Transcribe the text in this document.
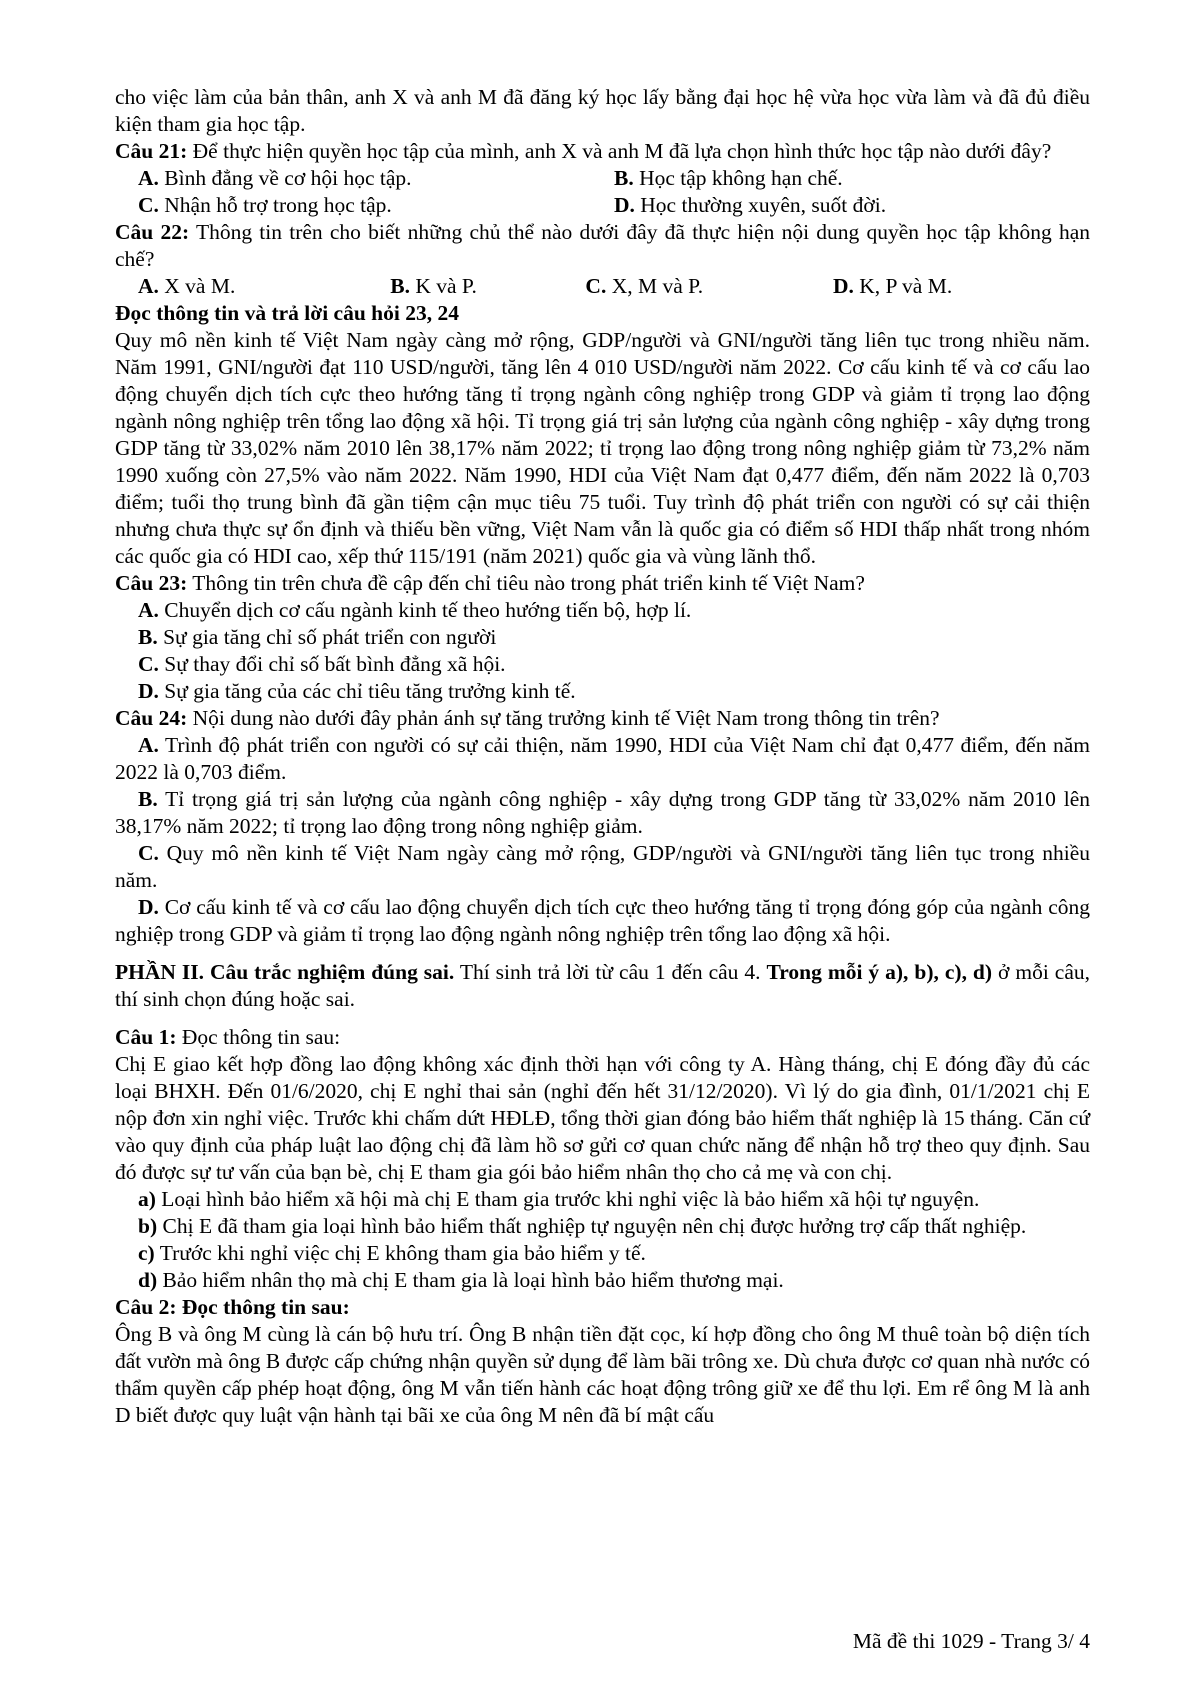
cho việc làm của bản thân, anh X và anh M đã đăng ký học lấy bằng đại học hệ vừa học vừa làm và đã đủ điều kiện tham gia học tập.

Câu 21: Để thực hiện quyền học tập của mình, anh X và anh M đã lựa chọn hình thức học tập nào dưới đây?

A. Bình đẳng về cơ hội học tập.	B. Học tập không hạn chế.
C. Nhận hỗ trợ trong học tập.	D. Học thường xuyên, suốt đời.

Câu 22: Thông tin trên cho biết những chủ thể nào dưới đây đã thực hiện nội dung quyền học tập không hạn chế?

A. X và M.	B. K và P.	C. X, M và P.	D. K, P và M.

Đọc thông tin và trả lời câu hỏi 23, 24

Quy mô nền kinh tế Việt Nam ngày càng mở rộng, GDP/người và GNI/người tăng liên tục trong nhiều năm. Năm 1991, GNI/người đạt 110 USD/người, tăng lên 4 010 USD/người năm 2022. Cơ cấu kinh tế và cơ cấu lao động chuyển dịch tích cực theo hướng tăng tỉ trọng ngành công nghiệp trong GDP và giảm tỉ trọng lao động ngành nông nghiệp trên tổng lao động xã hội. Tỉ trọng giá trị sản lượng của ngành công nghiệp - xây dựng trong GDP tăng từ 33,02% năm 2010 lên 38,17% năm 2022; tỉ trọng lao động trong nông nghiệp giảm từ 73,2% năm 1990 xuống còn 27,5% vào năm 2022. Năm 1990, HDI của Việt Nam đạt 0,477 điểm, đến năm 2022 là 0,703 điểm; tuổi thọ trung bình đã gần tiệm cận mục tiêu 75 tuổi. Tuy trình độ phát triển con người có sự cải thiện nhưng chưa thực sự ổn định và thiếu bền vững, Việt Nam vẫn là quốc gia có điểm số HDI thấp nhất trong nhóm các quốc gia có HDI cao, xếp thứ 115/191 (năm 2021) quốc gia và vùng lãnh thổ.

Câu 23: Thông tin trên chưa đề cập đến chỉ tiêu nào trong phát triển kinh tế Việt Nam?

A. Chuyển dịch cơ cấu ngành kinh tế theo hướng tiến bộ, hợp lí.

B. Sự gia tăng chỉ số phát triển con người

C. Sự thay đổi chỉ số bất bình đẳng xã hội.

D. Sự gia tăng của các chỉ tiêu tăng trưởng kinh tế.

Câu 24: Nội dung nào dưới đây phản ánh sự tăng trưởng kinh tế Việt Nam trong thông tin trên?

A. Trình độ phát triển con người có sự cải thiện, năm 1990, HDI của Việt Nam chỉ đạt 0,477 điểm, đến năm 2022 là 0,703 điểm.

B. Tỉ trọng giá trị sản lượng của ngành công nghiệp - xây dựng trong GDP tăng từ 33,02% năm 2010 lên 38,17% năm 2022; tỉ trọng lao động trong nông nghiệp giảm.

C. Quy mô nền kinh tế Việt Nam ngày càng mở rộng, GDP/người và GNI/người tăng liên tục trong nhiều năm.

D. Cơ cấu kinh tế và cơ cấu lao động chuyển dịch tích cực theo hướng tăng tỉ trọng đóng góp của ngành công nghiệp trong GDP và giảm tỉ trọng lao động ngành nông nghiệp trên tổng lao động xã hội.

PHẦN II. Câu trắc nghiệm đúng sai. Thí sinh trả lời từ câu 1 đến câu 4. Trong mỗi ý a), b), c), d) ở mỗi câu, thí sinh chọn đúng hoặc sai.

Câu 1: Đọc thông tin sau:

Chị E giao kết hợp đồng lao động không xác định thời hạn với công ty A. Hàng tháng, chị E đóng đầy đủ các loại BHXH. Đến 01/6/2020, chị E nghỉ thai sản (nghỉ đến hết 31/12/2020). Vì lý do gia đình, 01/1/2021 chị E nộp đơn xin nghỉ việc. Trước khi chấm dứt HĐLĐ, tổng thời gian đóng bảo hiểm thất nghiệp là 15 tháng. Căn cứ vào quy định của pháp luật lao động chị đã làm hồ sơ gửi cơ quan chức năng để nhận hỗ trợ theo quy định. Sau đó được sự tư vấn của bạn bè, chị E tham gia gói bảo hiểm nhân thọ cho cả mẹ và con chị.

a) Loại hình bảo hiểm xã hội mà chị E tham gia trước khi nghỉ việc là bảo hiểm xã hội tự nguyện.

b) Chị E đã tham gia loại hình bảo hiểm thất nghiệp tự nguyện nên chị được hưởng trợ cấp thất nghiệp.

c) Trước khi nghỉ việc chị E không tham gia bảo hiểm y tế.

d) Bảo hiểm nhân thọ mà chị E tham gia là loại hình bảo hiểm thương mại.

Câu 2: Đọc thông tin sau:

Ông B và ông M cùng là cán bộ hưu trí. Ông B nhận tiền đặt cọc, kí hợp đồng cho ông M thuê toàn bộ diện tích đất vườn mà ông B được cấp chứng nhận quyền sử dụng để làm bãi trông xe. Dù chưa được cơ quan nhà nước có thẩm quyền cấp phép hoạt động, ông M vẫn tiến hành các hoạt động trông giữ xe để thu lợi. Em rể ông M là anh D biết được quy luật vận hành tại bãi xe của ông M nên đã bí mật cấu

Mã đề thi 1029 - Trang 3/ 4
